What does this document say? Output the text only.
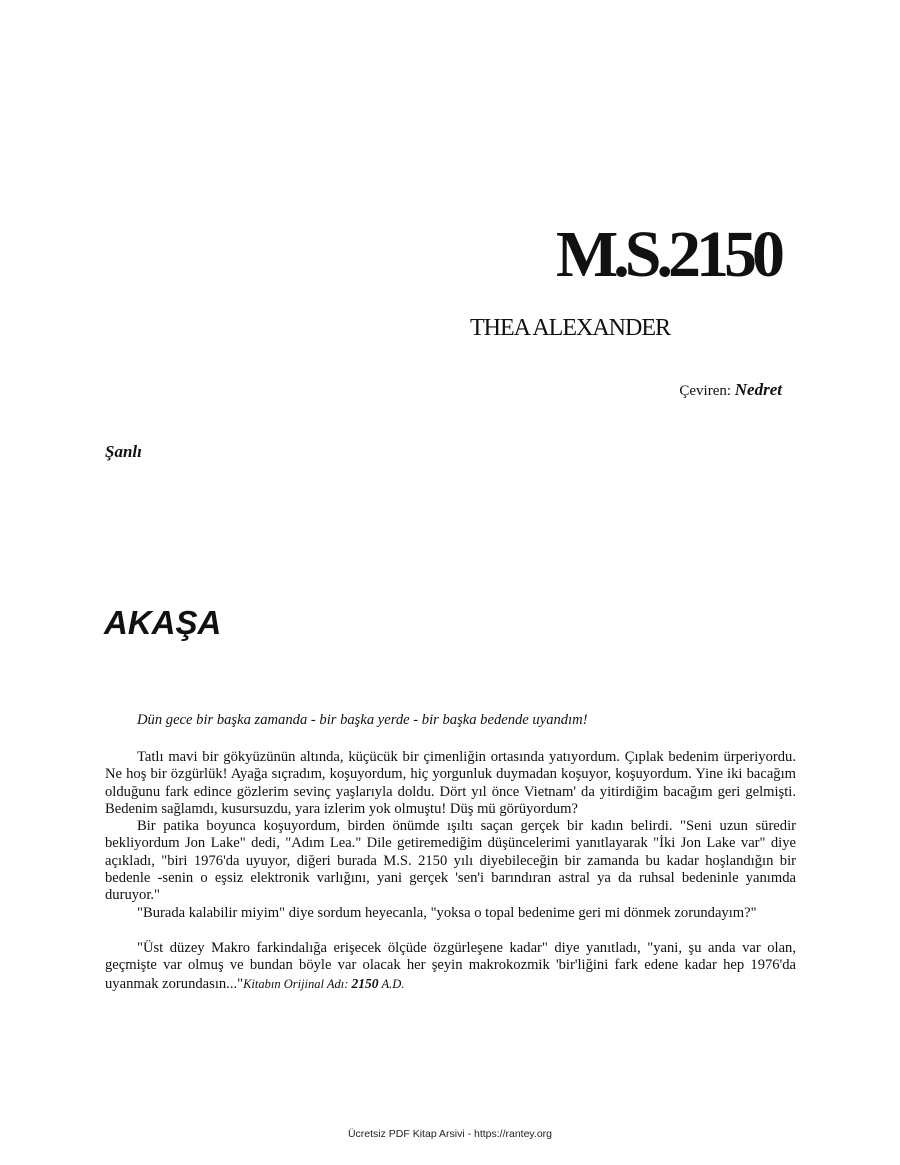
M.S.2150
THEA ALEXANDER
Çeviren: Nedret
Şanlı
AKAŞA
Dün gece bir başka zamanda - bir başka yerde - bir başka bedende uyandım!

Tatlı mavi bir gökyüzünün altında, küçücük bir çimenliğin ortasında yatıyordum. Çıplak bedenim ürperiyordu. Ne hoş bir özgürlük! Ayağa sıçradım, koşuyordum, hiç yorgunluk duymadan koşuyor, koşuyordum. Yine iki bacağım olduğunu fark edince gözlerim sevinç yaşlarıyla doldu. Dört yıl önce Vietnam' da yitirdiğim bacağım geri gelmişti. Bedenim sağlamdı, kusursuzdu, yara izlerim yok olmuştu! Düş mü görüyordum?

Bir patika boyunca koşuyordum, birden önümde ışıltı saçan gerçek bir kadın belirdi. "Seni uzun süredir bekliyordum Jon Lake" dedi, "Adım Lea." Dile getiremediğim düşüncelerimi yanıtlayarak "İki Jon Lake var" diye açıkladı, "biri 1976'da uyuyor, diğeri burada M.S. 2150 yılı diyebileceğin bir zamanda bu kadar hoşlandığın bir bedenle -senin o eşsiz elektronik varlığını, yani gerçek 'sen'i barındıran astral ya da ruhsal bedeninle yanımda duruyor."

"Burada kalabilir miyim" diye sordum heyecanla, "yoksa o topal bedenime geri mi dönmek zorundayım?"

"Üst düzey Makro farkindalığa erişecek ölçüde özgürleşene kadar" diye yanıtladı, "yani, şu anda var olan, geçmişte var olmuş ve bundan böyle var olacak her şeyin makrokozmik 'bir'liğini fark edene kadar hep 1976'da uyanmak zorundasın..."Kitabın Orijinal Adı: 2150 A.D.

Ücretsiz PDF Kitap Arsivi - https://rantey.org
